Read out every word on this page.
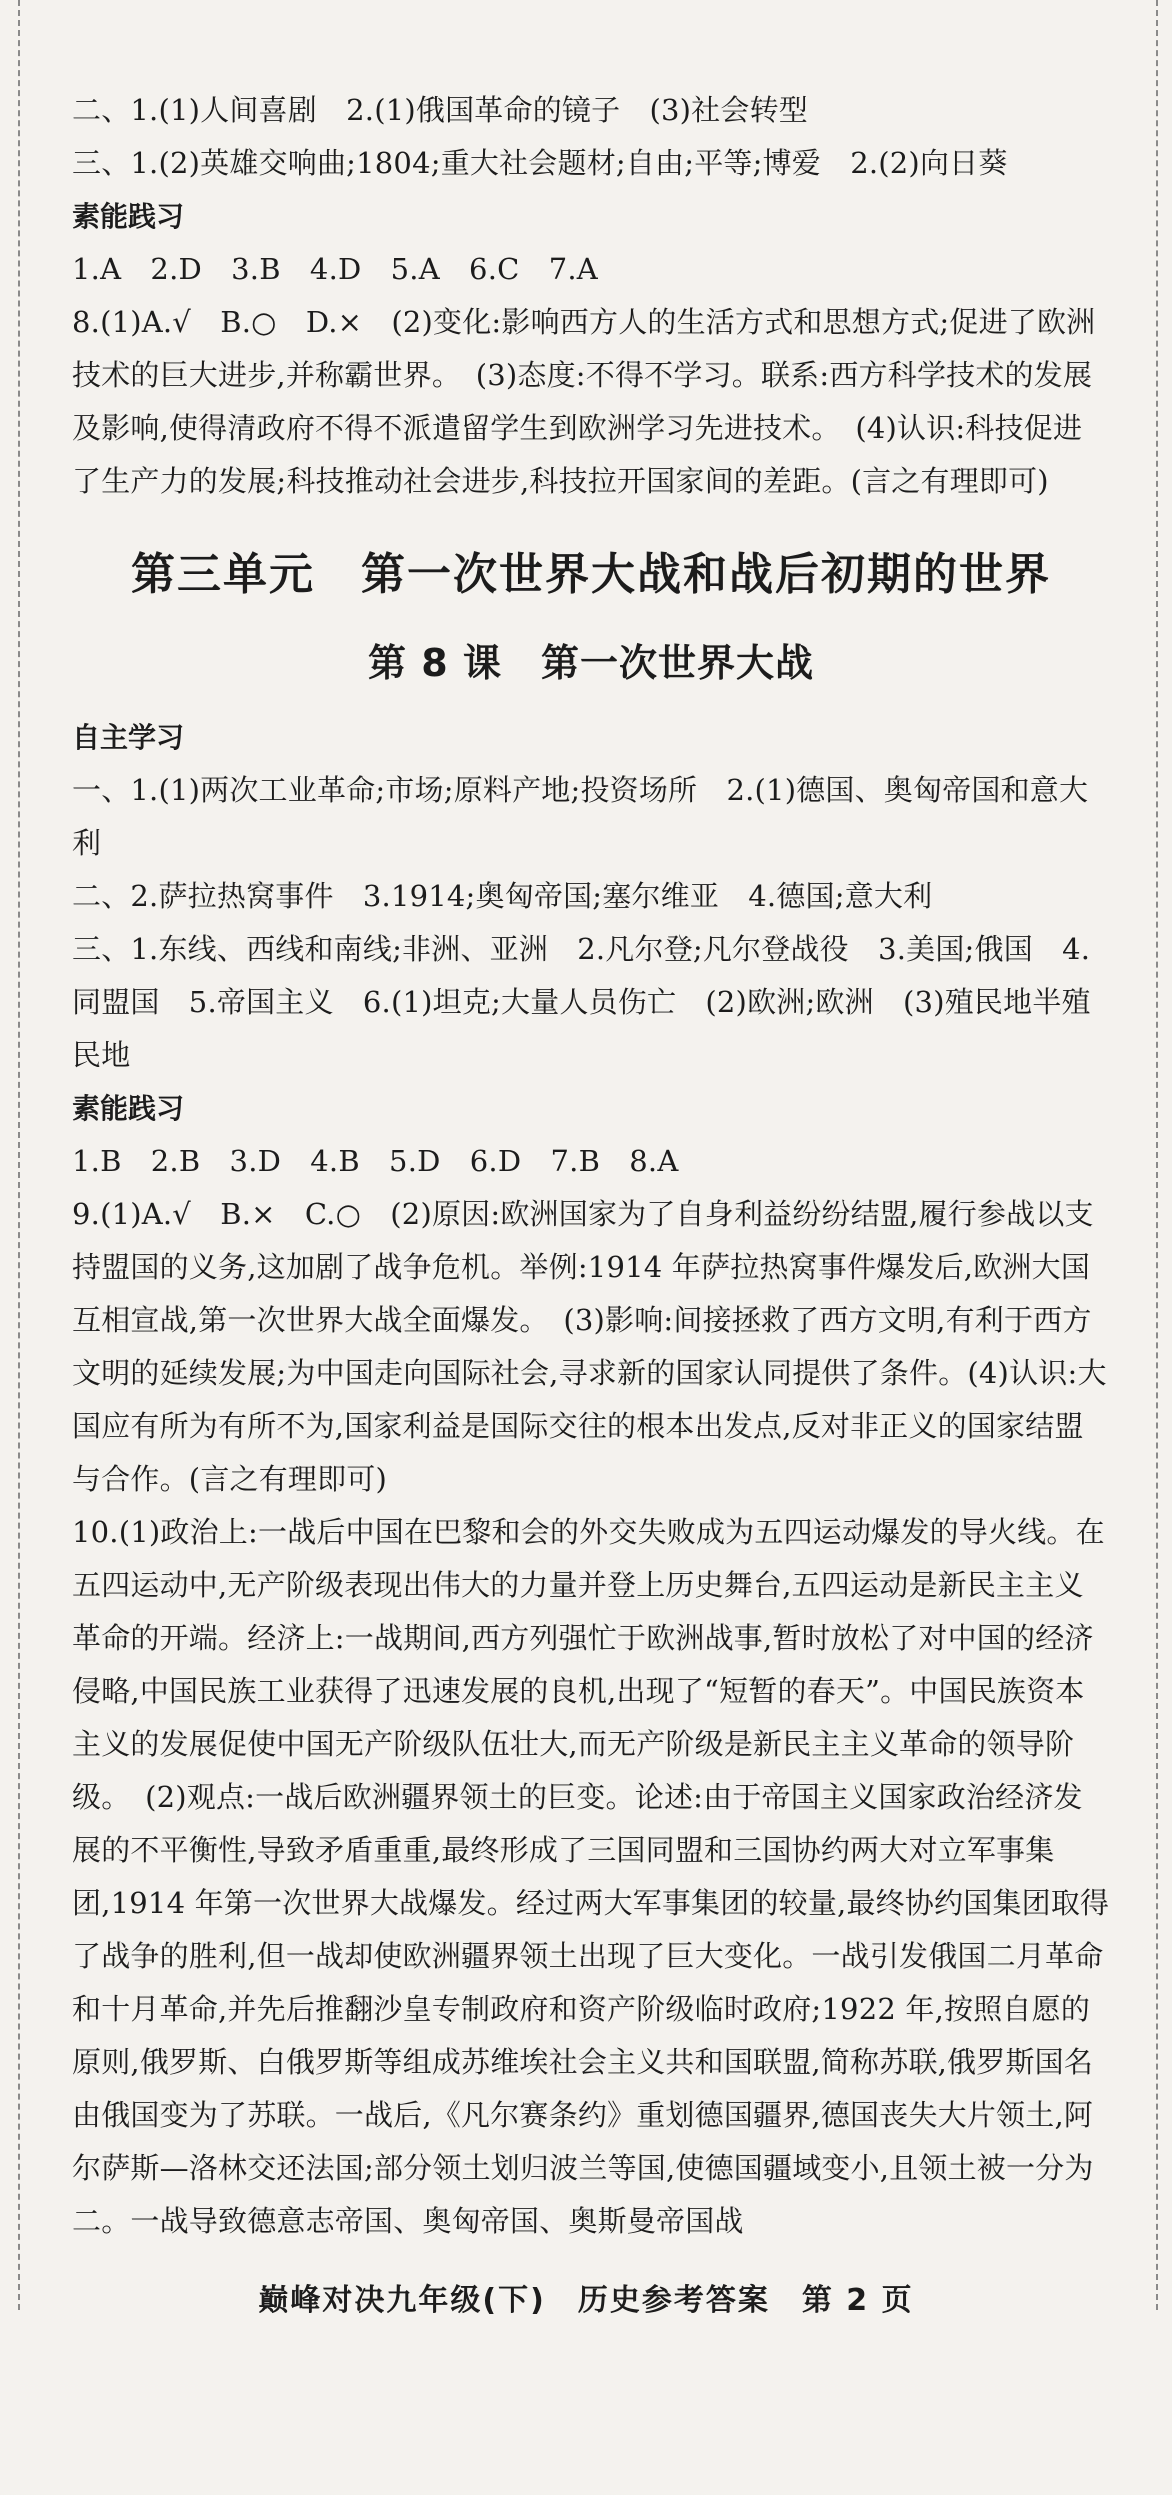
二、1.(1)人间喜剧　2.(1)俄国革命的镜子　(3)社会转型

三、1.(2)英雄交响曲;1804;重大社会题材;自由;平等;博爱　2.(2)向日葵

素能践习

1.A　2.D　3.B　4.D　5.A　6.C　7.A

8.(1)A.√　B.○　D.×　(2)变化:影响西方人的生活方式和思想方式;促进了欧洲技术的巨大进步,并称霸世界。　(3)态度:不得不学习。联系:西方科学技术的发展及影响,使得清政府不得不派遣留学生到欧洲学习先进技术。　(4)认识:科技促进了生产力的发展;科技推动社会进步,科技拉开国家间的差距。(言之有理即可)

第三单元　第一次世界大战和战后初期的世界
第 8 课　第一次世界大战

自主学习

一、1.(1)两次工业革命;市场;原料产地;投资场所　2.(1)德国、奥匈帝国和意大利

二、2.萨拉热窝事件　3.1914;奥匈帝国;塞尔维亚　4.德国;意大利

三、1.东线、西线和南线;非洲、亚洲　2.凡尔登;凡尔登战役　3.美国;俄国　4.同盟国　5.帝国主义　6.(1)坦克;大量人员伤亡　(2)欧洲;欧洲　(3)殖民地半殖民地

素能践习

1.B　2.B　3.D　4.B　5.D　6.D　7.B　8.A

9.(1)A.√　B.×　C.○　(2)原因:欧洲国家为了自身利益纷纷结盟,履行参战以支持盟国的义务,这加剧了战争危机。举例:1914 年萨拉热窝事件爆发后,欧洲大国互相宣战,第一次世界大战全面爆发。　(3)影响:间接拯救了西方文明,有利于西方文明的延续发展;为中国走向国际社会,寻求新的国家认同提供了条件。(4)认识:大国应有所为有所不为,国家利益是国际交往的根本出发点,反对非正义的国家结盟与合作。(言之有理即可)

10.(1)政治上:一战后中国在巴黎和会的外交失败成为五四运动爆发的导火线。在五四运动中,无产阶级表现出伟大的力量并登上历史舞台,五四运动是新民主主义革命的开端。经济上:一战期间,西方列强忙于欧洲战事,暂时放松了对中国的经济侵略,中国民族工业获得了迅速发展的良机,出现了“短暂的春天”。中国民族资本主义的发展促使中国无产阶级队伍壮大,而无产阶级是新民主主义革命的领导阶级。　(2)观点:一战后欧洲疆界领土的巨变。论述:由于帝国主义国家政治经济发展的不平衡性,导致矛盾重重,最终形成了三国同盟和三国协约两大对立军事集团,1914 年第一次世界大战爆发。经过两大军事集团的较量,最终协约国集团取得了战争的胜利,但一战却使欧洲疆界领土出现了巨大变化。一战引发俄国二月革命和十月革命,并先后推翻沙皇专制政府和资产阶级临时政府;1922 年,按照自愿的原则,俄罗斯、白俄罗斯等组成苏维埃社会主义共和国联盟,简称苏联,俄罗斯国名由俄国变为了苏联。一战后,《凡尔赛条约》重划德国疆界,德国丧失大片领土,阿尔萨斯—洛林交还法国;部分领土划归波兰等国,使德国疆域变小,且领土被一分为二。一战导致德意志帝国、奥匈帝国、奥斯曼帝国战

巅峰对决九年级(下)　历史参考答案　第 2 页
